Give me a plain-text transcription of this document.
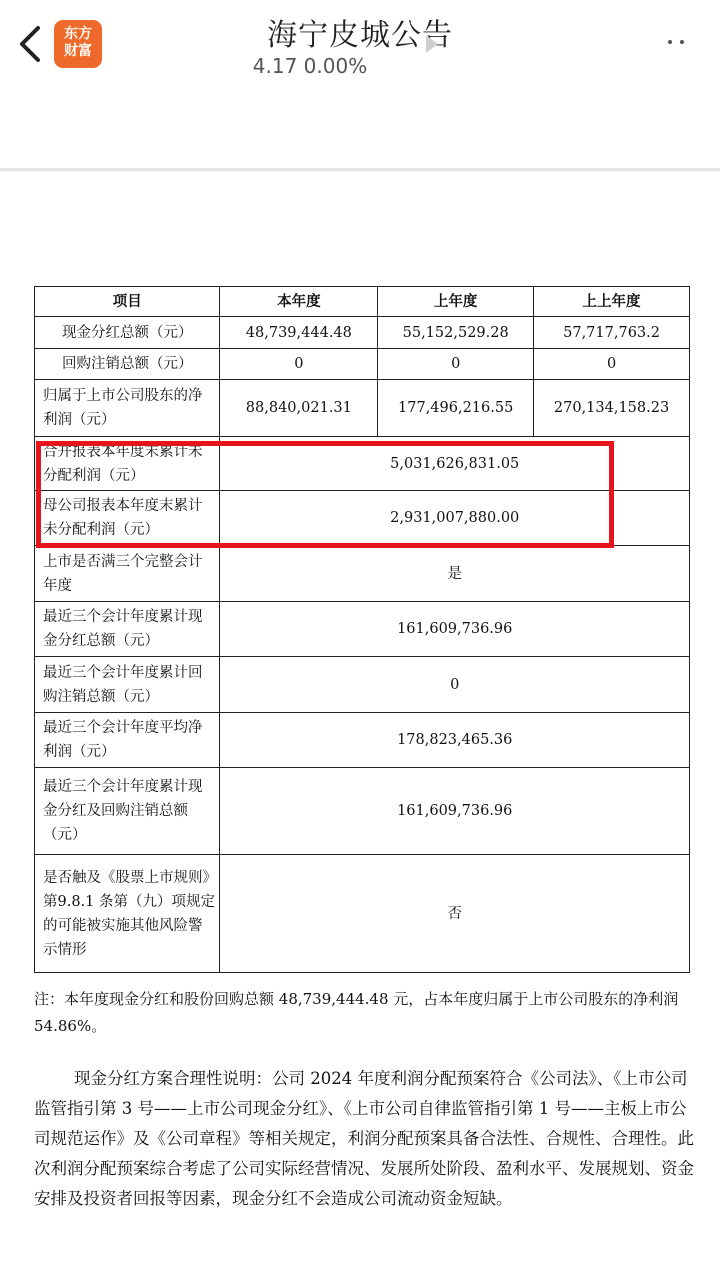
东方
财富	海宁皮城公告
4.17 0.00%
项目	本年度	上年度	上上年度
现金分红总额（元）	48,739,444.48	55,152,529.28	57,717,763.2
回购注销总额（元）	0	0	0
归属于上市公司股东的净利润（元）	88,840,021.31	177,496,216.55	270,134,158.23
合并报表本年度末累计未分配利润（元）	5,031,626,831.05		
母公司报表本年度末累计未分配利润（元）	2,931,007,880.00		
上市是否满三个完整会计年度	是		
最近三个会计年度累计现金分红总额（元）	161,609,736.96		
最近三个会计年度累计回购注销总额（元）	0		
最近三个会计年度平均净利润（元）	178,823,465.36		
最近三个会计年度累计现金分红及回购注销总额（元）	161,609,736.96		
是否触及《股票上市规则》第9.8.1 条第（九）项规定的可能被实施其他风险警示情形	否		
注：本年度现金分红和股份回购总额 48,739,444.48 元，占本年度归属于上市公司股东的净利润 54.86%。
现金分红方案合理性说明：公司 2024 年度利润分配预案符合《公司法》、《上市公司监管指引第 3 号——上市公司现金分红》、《上市公司自律监管指引第 1 号——主板上市公司规范运作》及《公司章程》等相关规定，利润分配预案具备合法性、合规性、合理性。此次利润分配预案综合考虑了公司实际经营情况、发展所处阶段、盈利水平、发展规划、资金安排及投资者回报等因素，现金分红不会造成公司流动资金短缺。
